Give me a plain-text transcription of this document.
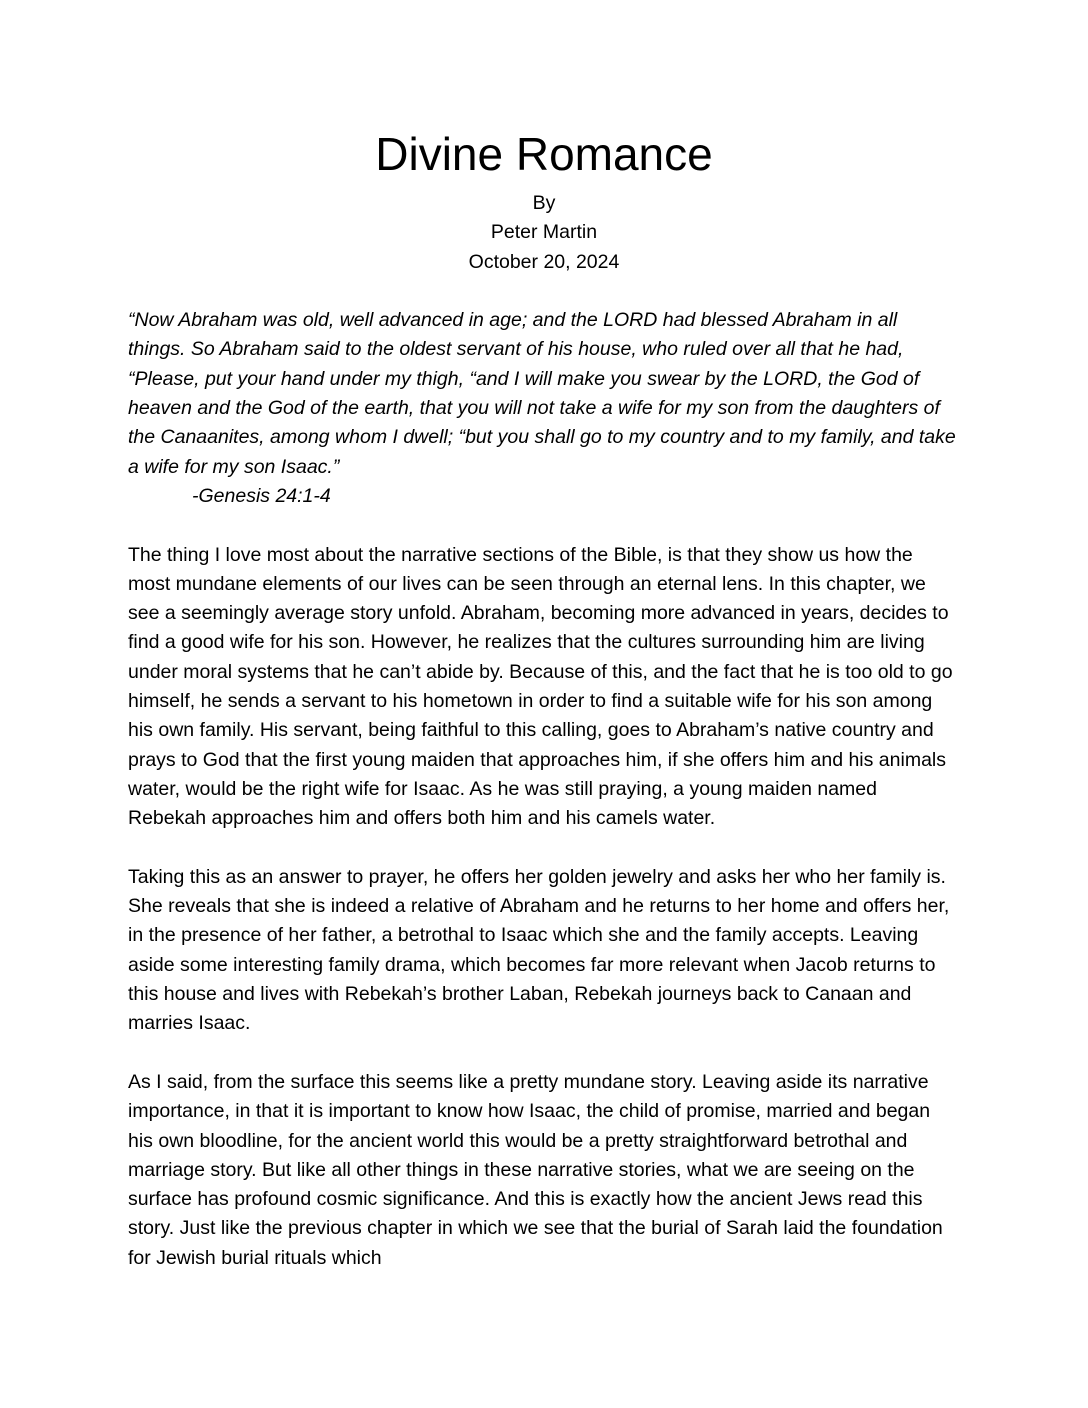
Divine Romance

By

Peter Martin

October 20, 2024

“Now Abraham was old, well advanced in age; and the LORD had blessed Abraham in all things. So Abraham said to the oldest servant of his house, who ruled over all that he had, “Please, put your hand under my thigh, “and I will make you swear by the LORD, the God of heaven and the God of the earth, that you will not take a wife for my son from the daughters of the Canaanites, among whom I dwell; “but you shall go to my country and to my family, and take a wife for my son Isaac.”

-Genesis 24:1-4

The thing I love most about the narrative sections of the Bible, is that they show us how the most mundane elements of our lives can be seen through an eternal lens. In this chapter, we see a seemingly average story unfold. Abraham, becoming more advanced in years, decides to find a good wife for his son. However, he realizes that the cultures surrounding him are living under moral systems that he can’t abide by. Because of this, and the fact that he is too old to go himself, he sends a servant to his hometown in order to find a suitable wife for his son among his own family. His servant, being faithful to this calling, goes to Abraham’s native country and prays to God that the first young maiden that approaches him, if she offers him and his animals water, would be the right wife for Isaac. As he was still praying, a young maiden named Rebekah approaches him and offers both him and his camels water.

Taking this as an answer to prayer, he offers her golden jewelry and asks her who her family is. She reveals that she is indeed a relative of Abraham and he returns to her home and offers her, in the presence of her father, a betrothal to Isaac which she and the family accepts. Leaving aside some interesting family drama, which becomes far more relevant when Jacob returns to this house and lives with Rebekah’s brother Laban, Rebekah journeys back to Canaan and marries Isaac.

As I said, from the surface this seems like a pretty mundane story. Leaving aside its narrative importance, in that it is important to know how Isaac, the child of promise, married and began his own bloodline, for the ancient world this would be a pretty straightforward betrothal and marriage story. But like all other things in these narrative stories, what we are seeing on the surface has profound cosmic significance. And this is exactly how the ancient Jews read this story. Just like the previous chapter in which we see that the burial of Sarah laid the foundation for Jewish burial rituals which
